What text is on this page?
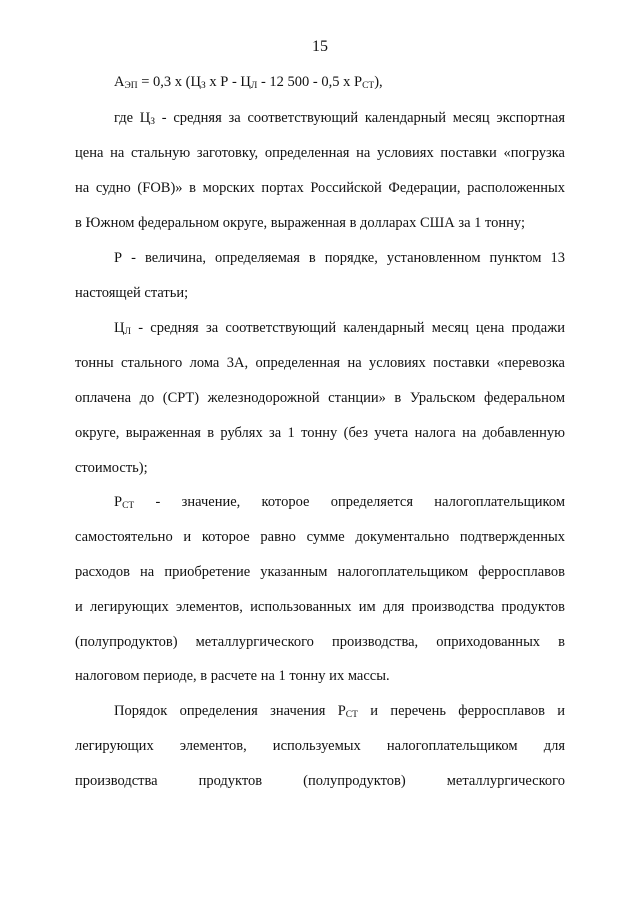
15
$А_{ЭП} = 0,3$ х ($Ц_З$ х Р - $Ц_Л - 12$ 500 - 0,5 х $Р_{СТ}$),
где $Ц_З$ - средняя за соответствующий календарный месяц экспортная
цена на стальную заготовку, определенная на условиях поставки «погрузка
на судно (FOB)» в морских портах Российской Федерации, расположенных
в Южном федеральном округе, выраженная в долларах США за 1 тонну;
Р - величина, определяемая в порядке, установленном пунктом 13
настоящей статьи;
$Ц_Л$ - средняя за соответствующий календарный месяц цена продажи
тонны стального лома 3А, определенная на условиях поставки «перевозка
оплачена до (CPT) железнодорожной станции» в Уральском федеральном
округе, выраженная в рублях за 1 тонну (без учета налога на добавленную
стоимость);
$Р_{СТ}$ - значение, которое определяется налогоплательщиком
самостоятельно и которое равно сумме документально подтвержденных
расходов на приобретение указанным налогоплательщиком ферросплавов
и легирующих элементов, использованных им для производства продуктов
(полупродуктов) металлургического производства, оприходованных в
налоговом периоде, в расчете на 1 тонну их массы.
Порядок определения значения $Р_{СТ}$ и перечень ферросплавов и
легирующих элементов, используемых налогоплательщиком для
производства продуктов (полупродуктов) металлургического
